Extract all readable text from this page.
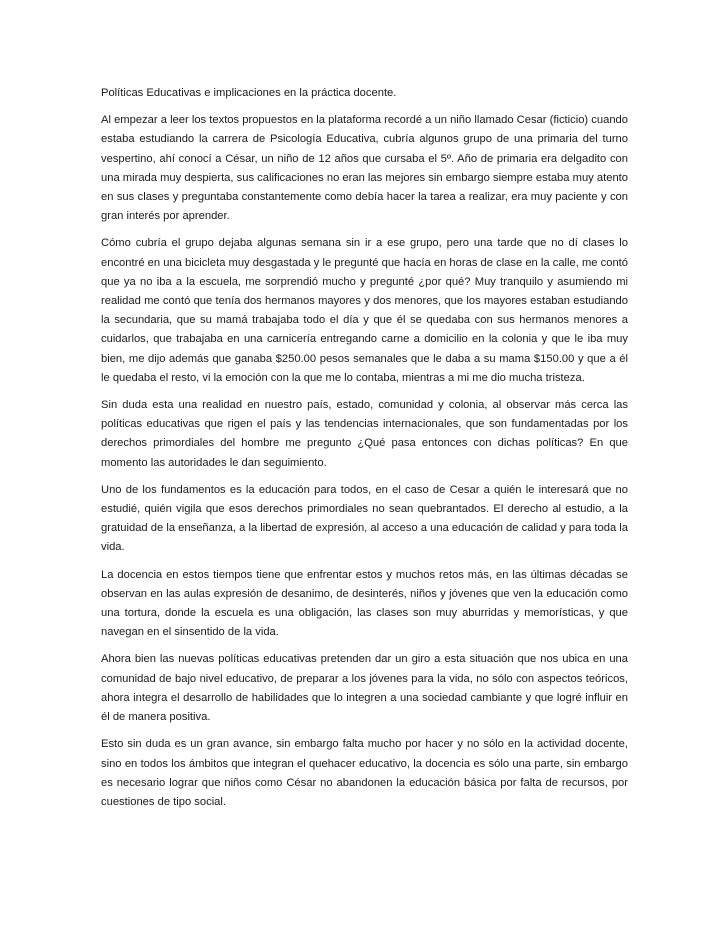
Políticas Educativas e implicaciones en la práctica docente.

Al empezar a leer los textos propuestos en la plataforma recordé a un niño llamado Cesar (ficticio) cuando estaba estudiando la carrera de Psicología Educativa, cubría algunos grupo de una primaria del turno vespertino, ahí conocí a César, un niño de 12 años que cursaba el 5º. Año de primaria era delgadito con una mirada muy despierta, sus calificaciones no eran las mejores sin embargo siempre estaba muy atento en sus clases y preguntaba constantemente como debía hacer la tarea a realizar, era muy paciente y con gran interés por aprender.

Cómo cubría el grupo dejaba algunas semana sin ir a ese grupo, pero una tarde que no dí clases lo encontré en una bicicleta muy desgastada y le pregunté que hacía en horas de clase en la calle, me contó que ya no iba a la escuela, me sorprendió mucho y pregunté ¿por qué? Muy tranquilo y asumiendo mi realidad me contó que tenía dos hermanos mayores y dos menores, que los mayores estaban estudiando la secundaria, que su mamá trabajaba todo el día y que él se quedaba con sus hermanos menores a cuidarlos, que trabajaba en una carnicería entregando carne a domicilio en la colonia y que le iba muy bien, me dijo además que ganaba $250.00 pesos semanales que le daba a su mama $150.00 y que a él le quedaba el resto, vi la emoción con la que me lo contaba, mientras a mi me dio mucha tristeza.

Sin duda esta una realidad en nuestro país, estado, comunidad y colonia, al observar más cerca las políticas educativas que rigen el país y las tendencias internacionales, que son fundamentadas por los derechos primordiales del hombre me pregunto ¿Qué pasa entonces con dichas políticas? En que momento las autoridades le dan seguimiento.

Uno de los fundamentos es la educación para todos, en el caso de Cesar a quién le interesará que no estudié, quién vigila que esos derechos primordiales no sean quebrantados. El derecho al estudio, a la gratuidad de la enseñanza, a la libertad de expresión, al acceso a una educación de calidad y para toda la vida.

La docencia en estos tiempos tiene que enfrentar estos y muchos retos más, en las últimas décadas se observan en las aulas expresión de desanimo, de desinterés, niños y jóvenes que ven la educación como una tortura, donde la escuela es una obligación, las clases son muy aburridas y memorísticas, y que navegan en el sinsentido de la vida.

Ahora bien las nuevas políticas educativas pretenden dar un giro a esta situación que nos ubica en una comunidad de bajo nivel educativo, de preparar a los jóvenes para la vida, no sólo con aspectos teóricos, ahora integra el desarrollo de habilidades que lo integren a una sociedad cambiante y que logré influir en él de manera positiva.

Esto sin duda es un gran avance, sin embargo falta mucho por hacer y no sólo en la actividad docente, sino en todos los ámbitos que integran el quehacer educativo, la docencia es sólo una parte, sin embargo es necesario lograr que niños como César no abandonen la educación básica por falta de recursos, por cuestiones de tipo social.
